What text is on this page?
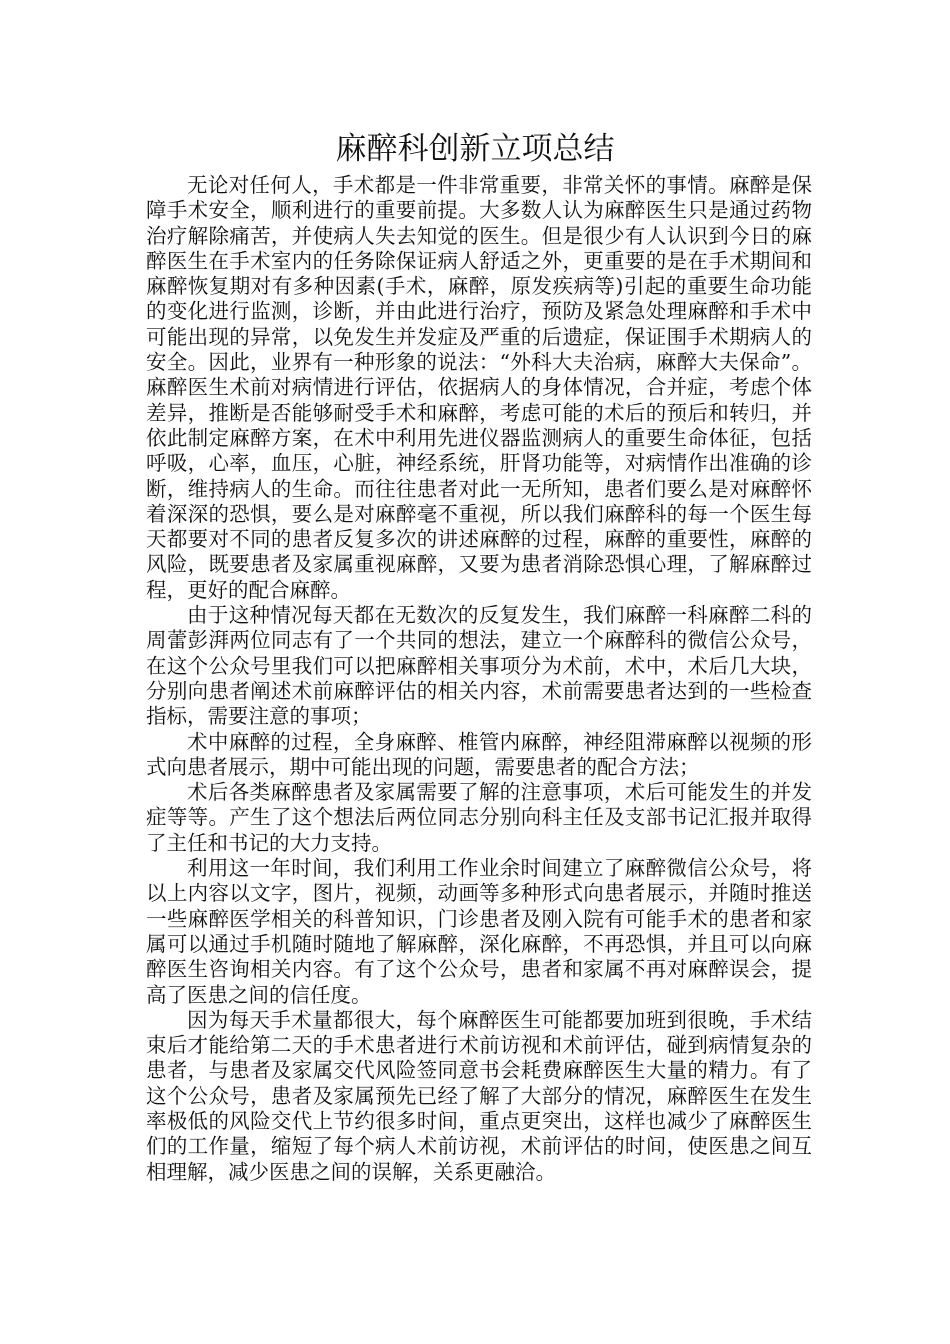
麻醉科创新立项总结

无论对任何人，手术都是一件非常重要，非常关怀的事情。麻醉是保障手术安全，顺利进行的重要前提。大多数人认为麻醉医生只是通过药物治疗解除痛苦，并使病人失去知觉的医生。但是很少有人认识到今日的麻醉医生在手术室内的任务除保证病人舒适之外，更重要的是在手术期间和麻醉恢复期对有多种因素(手术，麻醉，原发疾病等)引起的重要生命功能的变化进行监测，诊断，并由此进行治疗，预防及紧急处理麻醉和手术中可能出现的异常，以免发生并发症及严重的后遗症，保证围手术期病人的安全。因此，业界有一种形象的说法：“外科大夫治病，麻醉大夫保命”。麻醉医生术前对病情进行评估，依据病人的身体情况，合并症，考虑个体差异，推断是否能够耐受手术和麻醉，考虑可能的术后的预后和转归，并依此制定麻醉方案，在术中利用先进仪器监测病人的重要生命体征，包括呼吸，心率，血压，心脏，神经系统，肝肾功能等，对病情作出准确的诊断，维持病人的生命。而往往患者对此一无所知，患者们要么是对麻醉怀着深深的恐惧，要么是对麻醉毫不重视，所以我们麻醉科的每一个医生每天都要对不同的患者反复多次的讲述麻醉的过程，麻醉的重要性，麻醉的风险，既要患者及家属重视麻醉，又要为患者消除恐惧心理，了解麻醉过程，更好的配合麻醉。

由于这种情况每天都在无数次的反复发生，我们麻醉一科麻醉二科的周蕾彭湃两位同志有了一个共同的想法，建立一个麻醉科的微信公众号，在这个公众号里我们可以把麻醉相关事项分为术前，术中，术后几大块，分别向患者阐述术前麻醉评估的相关内容，术前需要患者达到的一些检查指标，需要注意的事项；

术中麻醉的过程，全身麻醉、椎管内麻醉，神经阻滞麻醉以视频的形式向患者展示，期中可能出现的问题，需要患者的配合方法；

术后各类麻醉患者及家属需要了解的注意事项，术后可能发生的并发症等等。产生了这个想法后两位同志分别向科主任及支部书记汇报并取得了主任和书记的大力支持。

利用这一年时间，我们利用工作业余时间建立了麻醉微信公众号，将以上内容以文字，图片，视频，动画等多种形式向患者展示，并随时推送一些麻醉医学相关的科普知识，门诊患者及刚入院有可能手术的患者和家属可以通过手机随时随地了解麻醉，深化麻醉，不再恐惧，并且可以向麻醉医生咨询相关内容。有了这个公众号，患者和家属不再对麻醉误会，提高了医患之间的信任度。

因为每天手术量都很大，每个麻醉医生可能都要加班到很晚，手术结束后才能给第二天的手术患者进行术前访视和术前评估，碰到病情复杂的患者，与患者及家属交代风险签同意书会耗费麻醉医生大量的精力。有了这个公众号，患者及家属预先已经了解了大部分的情况，麻醉医生在发生率极低的风险交代上节约很多时间，重点更突出，这样也减少了麻醉医生们的工作量，缩短了每个病人术前访视，术前评估的时间，使医患之间互相理解，减少医患之间的误解，关系更融洽。
